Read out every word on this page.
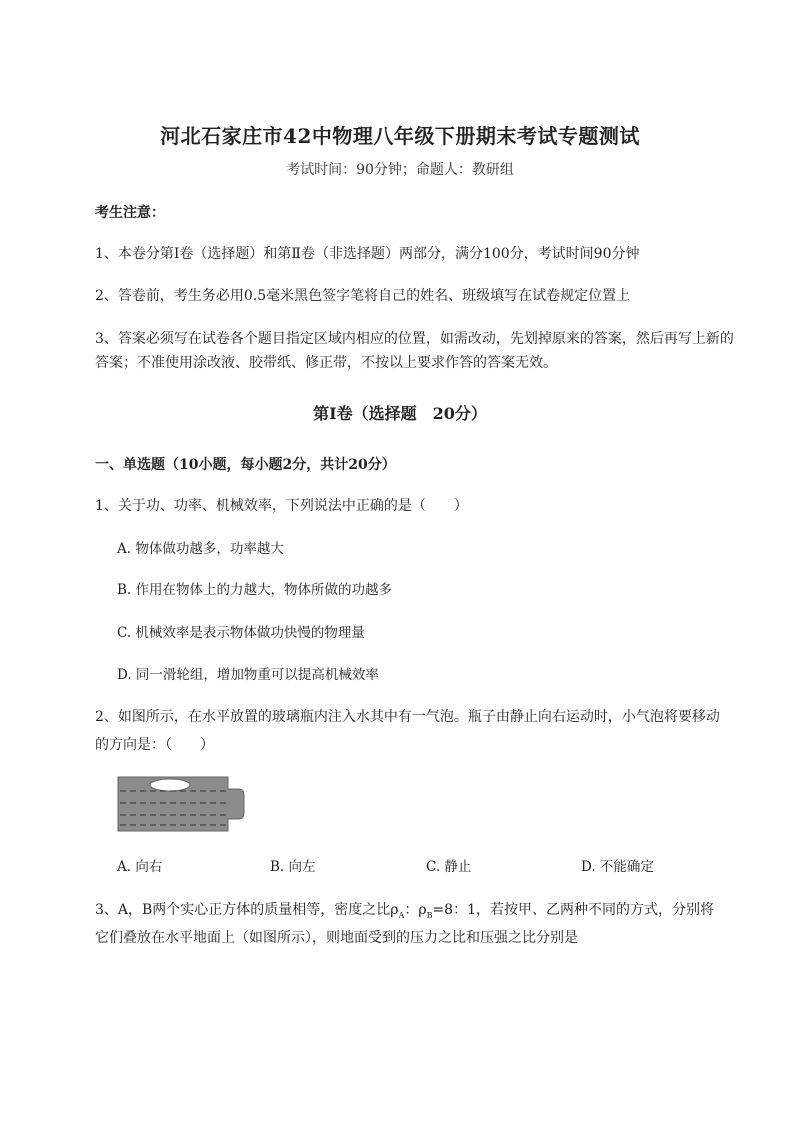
河北石家庄市42中物理八年级下册期末考试专题测试
考试时间：90分钟；命题人：教研组
考生注意：
1、本卷分第Ⅰ卷（选择题）和第Ⅱ卷（非选择题）两部分，满分100分，考试时间90分钟
2、答卷前，考生务必用0.5毫米黑色签字笔将自己的姓名、班级填写在试卷规定位置上
3、答案必须写在试卷各个题目指定区域内相应的位置，如需改动，先划掉原来的答案，然后再写上新的答案；不准使用涂改液、胶带纸、修正带，不按以上要求作答的答案无效。
第Ⅰ卷（选择题　20分）
一、单选题（10小题，每小题2分，共计20分）
1、关于功、功率、机械效率，下列说法中正确的是（　　）
A. 物体做功越多，功率越大
B. 作用在物体上的力越大，物体所做的功越多
C. 机械效率是表示物体做功快慢的物理量
D. 同一滑轮组，增加物重可以提高机械效率
2、如图所示，在水平放置的玻璃瓶内注入水其中有一气泡。瓶子由静止向右运动时，小气泡将要移动
的方向是：（　　）
A. 向右	B. 向左	C. 静止	D. 不能确定
3、A，B两个实心正方体的质量相等，密度之比$\rho_A$：$\rho_B=8$：1，若按甲、乙两种不同的方式，分别将
它们叠放在水平地面上（如图所示），则地面受到的压力之比和压强之比分别是
